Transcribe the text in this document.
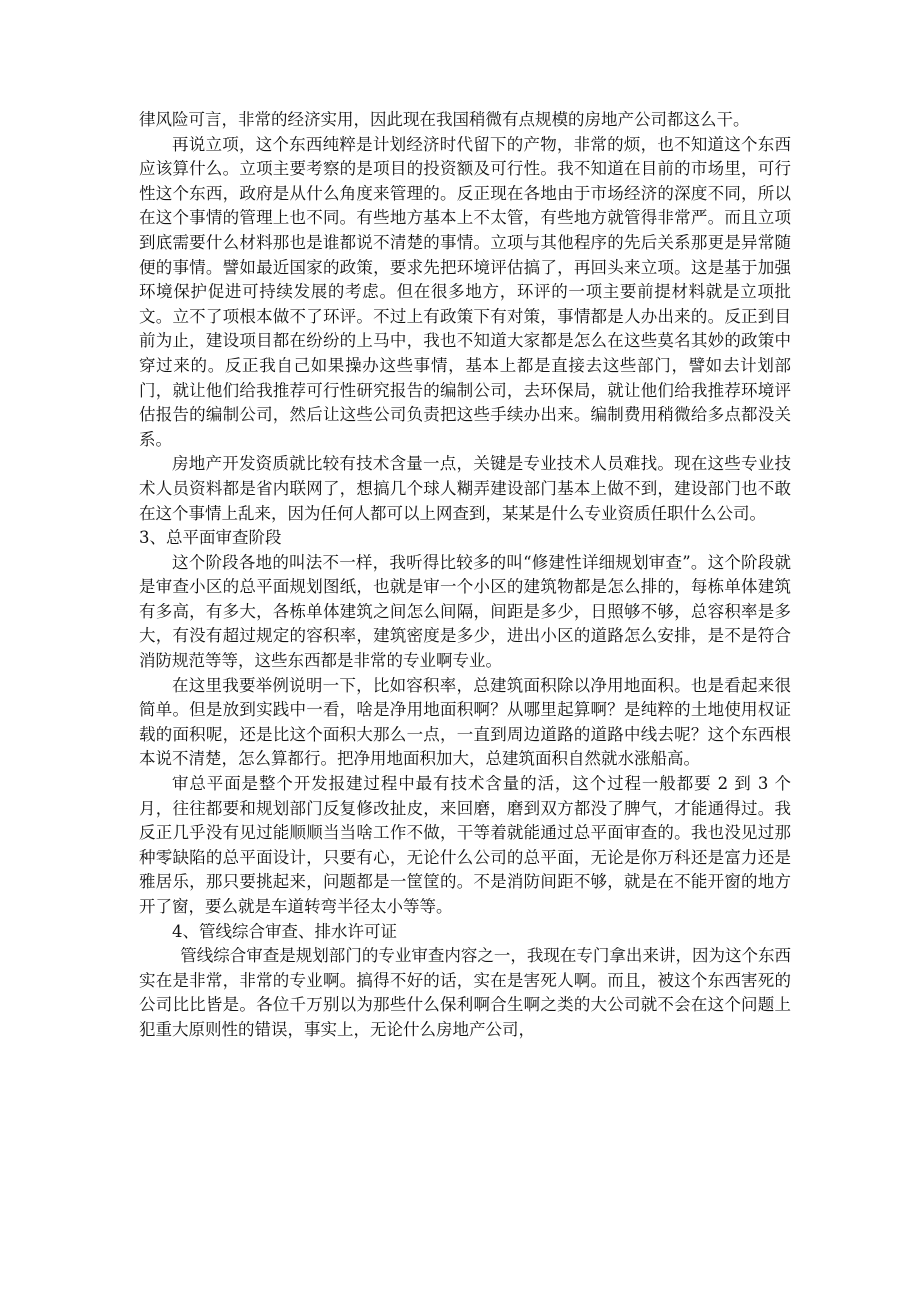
律风险可言，非常的经济实用，因此现在我国稍微有点规模的房地产公司都这么干。

再说立项，这个东西纯粹是计划经济时代留下的产物，非常的烦，也不知道这个东西应该算什么。立项主要考察的是项目的投资额及可行性。我不知道在目前的市场里，可行性这个东西，政府是从什么角度来管理的。反正现在各地由于市场经济的深度不同，所以在这个事情的管理上也不同。有些地方基本上不太管，有些地方就管得非常严。而且立项到底需要什么材料那也是谁都说不清楚的事情。立项与其他程序的先后关系那更是异常随便的事情。譬如最近国家的政策，要求先把环境评估搞了，再回头来立项。这是基于加强环境保护促进可持续发展的考虑。但在很多地方，环评的一项主要前提材料就是立项批文。立不了项根本做不了环评。不过上有政策下有对策，事情都是人办出来的。反正到目前为止，建设项目都在纷纷的上马中，我也不知道大家都是怎么在这些莫名其妙的政策中穿过来的。反正我自己如果操办这些事情，基本上都是直接去这些部门，譬如去计划部门，就让他们给我推荐可行性研究报告的编制公司，去环保局，就让他们给我推荐环境评估报告的编制公司，然后让这些公司负责把这些手续办出来。编制费用稍微给多点都没关系。

房地产开发资质就比较有技术含量一点，关键是专业技术人员难找。现在这些专业技术人员资料都是省内联网了，想搞几个球人糊弄建设部门基本上做不到，建设部门也不敢在这个事情上乱来，因为任何人都可以上网查到，某某是什么专业资质任职什么公司。

3、总平面审查阶段

这个阶段各地的叫法不一样，我听得比较多的叫“修建性详细规划审查”。这个阶段就是审查小区的总平面规划图纸，也就是审一个小区的建筑物都是怎么排的，每栋单体建筑有多高，有多大，各栋单体建筑之间怎么间隔，间距是多少，日照够不够，总容积率是多大，有没有超过规定的容积率，建筑密度是多少，进出小区的道路怎么安排，是不是符合消防规范等等，这些东西都是非常的专业啊专业。

在这里我要举例说明一下，比如容积率，总建筑面积除以净用地面积。也是看起来很简单。但是放到实践中一看，啥是净用地面积啊？从哪里起算啊？是纯粹的土地使用权证载的面积呢，还是比这个面积大那么一点，一直到周边道路的道路中线去呢？这个东西根本说不清楚，怎么算都行。把净用地面积加大，总建筑面积自然就水涨船高。

审总平面是整个开发报建过程中最有技术含量的活，这个过程一般都要 2 到 3 个月，往往都要和规划部门反复修改扯皮，来回磨，磨到双方都没了脾气，才能通得过。我反正几乎没有见过能顺顺当当啥工作不做，干等着就能通过总平面审查的。我也没见过那种零缺陷的总平面设计，只要有心，无论什么公司的总平面，无论是你万科还是富力还是雅居乐，那只要挑起来，问题都是一筐筐的。不是消防间距不够，就是在不能开窗的地方开了窗，要么就是车道转弯半径太小等等。

4、管线综合审查、排水许可证

管线综合审查是规划部门的专业审查内容之一，我现在专门拿出来讲，因为这个东西实在是非常，非常的专业啊。搞得不好的话，实在是害死人啊。而且，被这个东西害死的公司比比皆是。各位千万别以为那些什么保利啊合生啊之类的大公司就不会在这个问题上犯重大原则性的错误，事实上，无论什么房地产公司，
